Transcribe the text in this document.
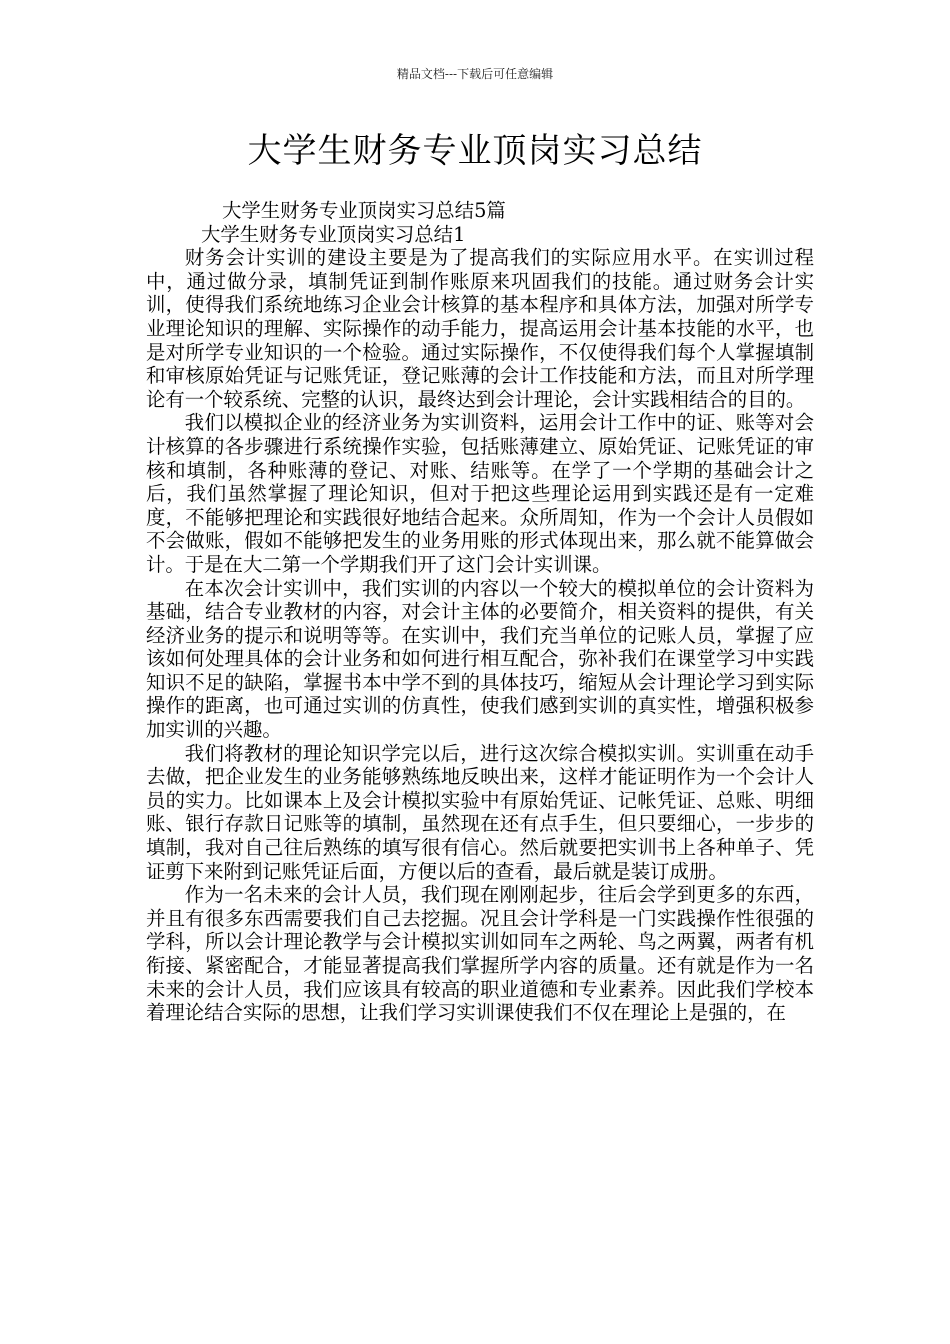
精品文档---下载后可任意编辑
大学生财务专业顶岗实习总结

大学生财务专业顶岗实习总结5篇

大学生财务专业顶岗实习总结1

财务会计实训的建设主要是为了提高我们的实际应用水平。在实训过程中，通过做分录，填制凭证到制作账原来巩固我们的技能。通过财务会计实训，使得我们系统地练习企业会计核算的基本程序和具体方法，加强对所学专业理论知识的理解、实际操作的动手能力，提高运用会计基本技能的水平，也是对所学专业知识的一个检验。通过实际操作，不仅使得我们每个人掌握填制和审核原始凭证与记账凭证，登记账薄的会计工作技能和方法，而且对所学理论有一个较系统、完整的认识，最终达到会计理论，会计实践相结合的目的。

我们以模拟企业的经济业务为实训资料，运用会计工作中的证、账等对会计核算的各步骤进行系统操作实验，包括账薄建立、原始凭证、记账凭证的审核和填制，各种账薄的登记、对账、结账等。在学了一个学期的基础会计之后，我们虽然掌握了理论知识，但对于把这些理论运用到实践还是有一定难度，不能够把理论和实践很好地结合起来。众所周知，作为一个会计人员假如不会做账，假如不能够把发生的业务用账的形式体现出来，那么就不能算做会计。于是在大二第一个学期我们开了这门会计实训课。

在本次会计实训中，我们实训的内容以一个较大的模拟单位的会计资料为基础，结合专业教材的内容，对会计主体的必要简介，相关资料的提供，有关经济业务的提示和说明等等。在实训中，我们充当单位的记账人员，掌握了应该如何处理具体的会计业务和如何进行相互配合，弥补我们在课堂学习中实践知识不足的缺陷，掌握书本中学不到的具体技巧，缩短从会计理论学习到实际操作的距离，也可通过实训的仿真性，使我们感到实训的真实性，增强积极参加实训的兴趣。

我们将教材的理论知识学完以后，进行这次综合模拟实训。实训重在动手去做，把企业发生的业务能够熟练地反映出来，这样才能证明作为一个会计人员的实力。比如课本上及会计模拟实验中有原始凭证、记帐凭证、总账、明细账、银行存款日记账等的填制，虽然现在还有点手生，但只要细心，一步步的填制，我对自己往后熟练的填写很有信心。然后就要把实训书上各种单子、凭证剪下来附到记账凭证后面，方便以后的查看，最后就是装订成册。

作为一名未来的会计人员，我们现在刚刚起步，往后会学到更多的东西，并且有很多东西需要我们自己去挖掘。况且会计学科是一门实践操作性很强的学科，所以会计理论教学与会计模拟实训如同车之两轮、鸟之两翼，两者有机衔接、紧密配合，才能显著提高我们掌握所学内容的质量。还有就是作为一名未来的会计人员，我们应该具有较高的职业道德和专业素养。因此我们学校本着理论结合实际的思想，让我们学习实训课使我们不仅在理论上是强的，在
